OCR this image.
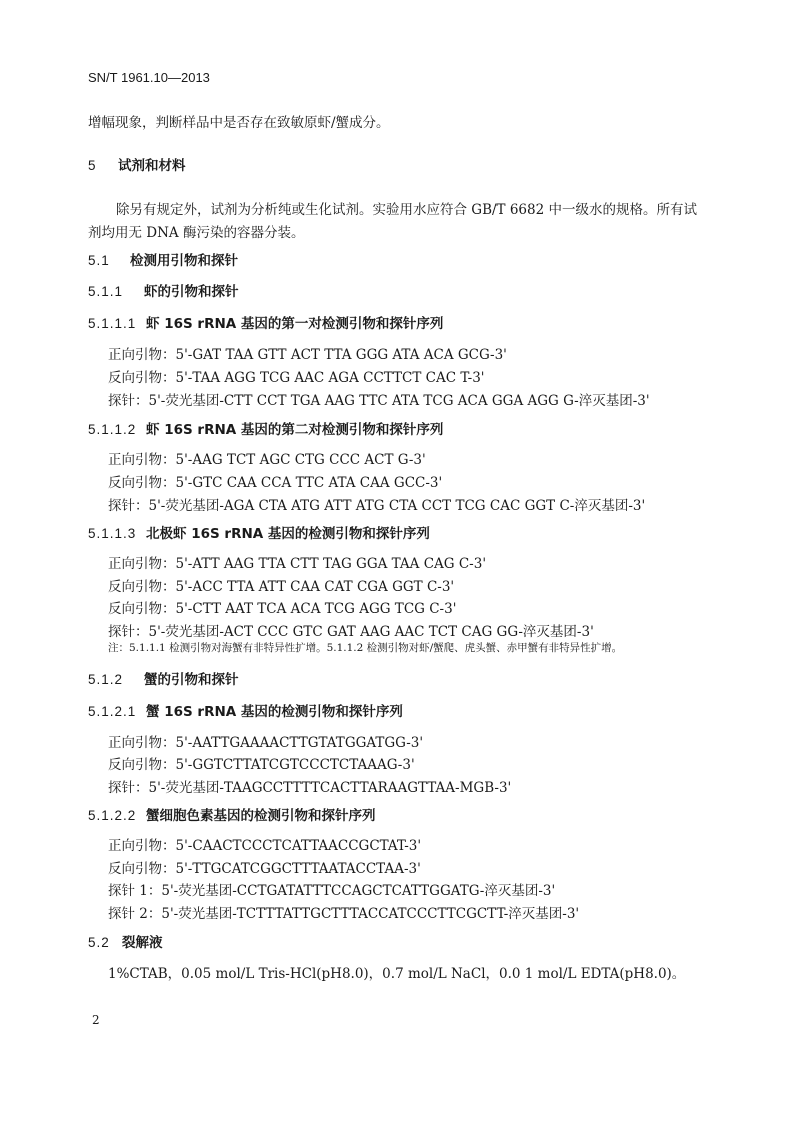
SN/T 1961.10—2013
增幅现象，判断样品中是否存在致敏原虾/蟹成分。
5 试剂和材料
除另有规定外，试剂为分析纯或生化试剂。实验用水应符合 GB/T 6682 中一级水的规格。所有试
剂均用无 DNA 酶污染的容器分装。
5.1 检测用引物和探针
5.1.1 虾的引物和探针
5.1.1.1 虾 16S rRNA 基因的第一对检测引物和探针序列
正向引物：5'-GAT TAA GTT ACT TTA GGG ATA ACA GCG-3'
反向引物：5'-TAA AGG TCG AAC AGA CCTTCT CAC T-3'
探针：5'-荧光基团-CTT CCT TGA AAG TTC ATA TCG ACA GGA AGG G-淬灭基团-3'
5.1.1.2 虾 16S rRNA 基因的第二对检测引物和探针序列
正向引物：5'-AAG TCT AGC CTG CCC ACT G-3'
反向引物：5'-GTC CAA CCA TTC ATA CAA GCC-3'
探针：5'-荧光基团-AGA CTA ATG ATT ATG CTA CCT TCG CAC GGT C-淬灭基团-3'
5.1.1.3 北极虾 16S rRNA 基因的检测引物和探针序列
正向引物：5'-ATT AAG TTA CTT TAG GGA TAA CAG C-3'
反向引物：5'-ACC TTA ATT CAA CAT CGA GGT C-3'
反向引物：5'-CTT AAT TCA ACA TCG AGG TCG C-3'
探针：5'-荧光基团-ACT CCC GTC GAT AAG AAC TCT CAG GG-淬灭基团-3'
注：5.1.1.1 检测引物对海蟹有非特异性扩增。5.1.1.2 检测引物对虾/蟹爬、虎头蟹、赤甲蟹有非特异性扩增。
5.1.2 蟹的引物和探针
5.1.2.1 蟹 16S rRNA 基因的检测引物和探针序列
正向引物：5'-AATTGAAAACTTGTATGGATGG-3'
反向引物：5'-GGTCTTATCGTCCCTCTAAAG-3'
探针：5'-荧光基团-TAAGCCTTTTCACTTARAAGTTAA-MGB-3'
5.1.2.2 蟹细胞色素基因的检测引物和探针序列
正向引物：5'-CAACTCCCTCATTAACCGCTAT-3'
反向引物：5'-TTGCATCGGCTTTAATACCTAA-3'
探针 1：5'-荧光基团-CCTGATATTTCCAGCTCATTGGATG-淬灭基团-3'
探针 2：5'-荧光基团-TCTTTATTGCTTTACCATCCCTTCGCTT-淬灭基团-3'
5.2 裂解液
1%CTAB，0.05 mol/L Tris-HCl(pH8.0)，0.7 mol/L NaCl，0.0 1 mol/L EDTA(pH8.0)。
2
